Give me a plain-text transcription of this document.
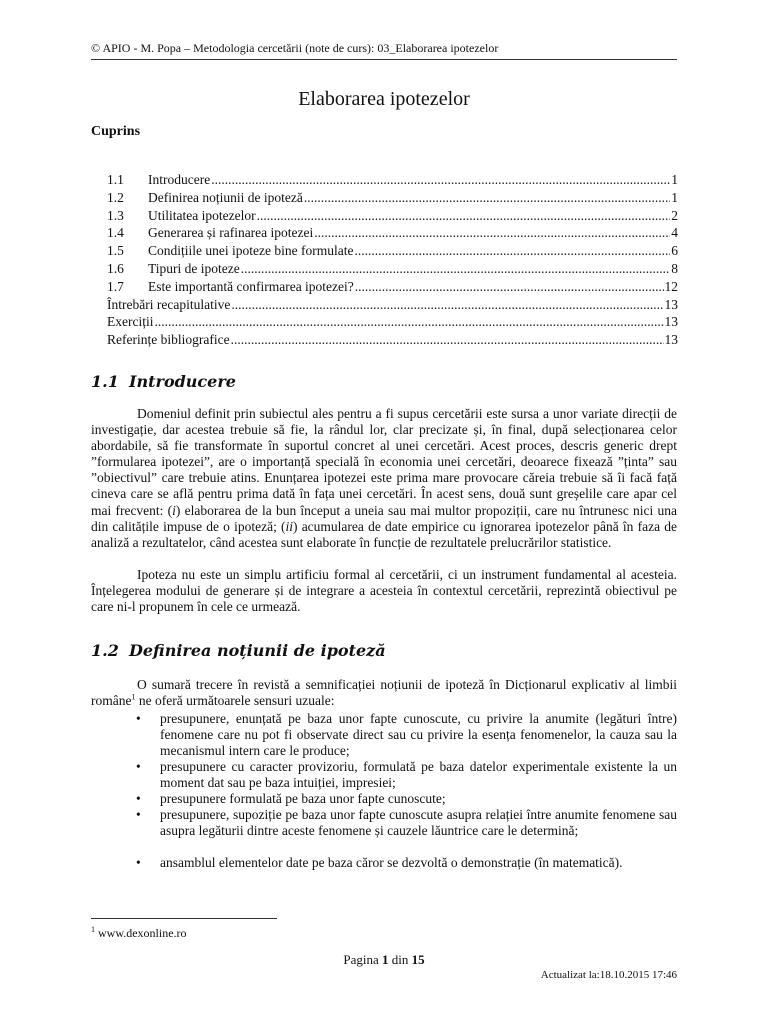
© APIO - M. Popa – Metodologia cercetării (note de curs): 03_Elaborarea ipotezelor
Elaborarea ipotezelor
Cuprins
1.1	Introducere .....	1
1.2	Definirea noțiunii de ipoteză .....	1
1.3	Utilitatea ipotezelor .....	2
1.4	Generarea și rafinarea ipotezei .....	4
1.5	Condițiile unei ipoteze bine formulate .....	6
1.6	Tipuri de ipoteze .....	8
1.7	Este importantă confirmarea ipotezei? .....	12
Întrebări recapitulative .....	13
Exerciții .....	13
Referințe bibliografice .....	13
1.1 Introducere

Domeniul definit prin subiectul ales pentru a fi supus cercetării este sursa a unor variate direcții de investigație, dar acestea trebuie să fie, la rândul lor, clar precizate și, în final, după selecționarea celor abordabile, să fie transformate în suportul concret al unei cercetări. Acest proces, descris generic drept ”formularea ipotezei”, are o importanță specială în economia unei cercetări, deoarece fixează ”ținta” sau ”obiectivul” care trebuie atins. Enunțarea ipotezei este prima mare provocare căreia trebuie să îi facă față cineva care se află pentru prima dată în fața unei cercetări. În acest sens, două sunt greșelile care apar cel mai frecvent: (i) elaborarea de la bun început a uneia sau mai multor propoziții, care nu întrunesc nici una din calitățile impuse de o ipoteză; (ii) acumularea de date empirice cu ignorarea ipotezelor până în faza de analiză a rezultatelor, când acestea sunt elaborate în funcție de rezultatele prelucrărilor statistice.

Ipoteza nu este un simplu artificiu formal al cercetării, ci un instrument fundamental al acesteia. Înțelegerea modului de generare și de integrare a acesteia în contextul cercetării, reprezintă obiectivul pe care ni-l propunem în cele ce urmează.

1.2 Definirea noțiunii de ipoteză

O sumară trecere în revistă a semnificației noțiunii de ipoteză în Dicționarul explicativ al limbii române$^1$ ne oferă următoarele sensuri uzuale:

• presupunere, enunțată pe baza unor fapte cunoscute, cu privire la anumite (legături între) fenomene care nu pot fi observate direct sau cu privire la esența fenomenelor, la cauza sau la mecanismul intern care le produce;

• presupunere cu caracter provizoriu, formulată pe baza datelor experimentale existente la un moment dat sau pe baza intuiției, impresiei;

• presupunere formulată pe baza unor fapte cunoscute;

• presupunere, supoziție pe baza unor fapte cunoscute asupra relației între anumite fenomene sau asupra legăturii dintre aceste fenomene și cauzele lăuntrice care le determină;

• ansamblul elementelor date pe baza căror se dezvoltă o demonstrație (în matematică).

$^1$ www.dexonline.ro
Pagina 1 din 15
Actualizat la:18.10.2015 17:46
